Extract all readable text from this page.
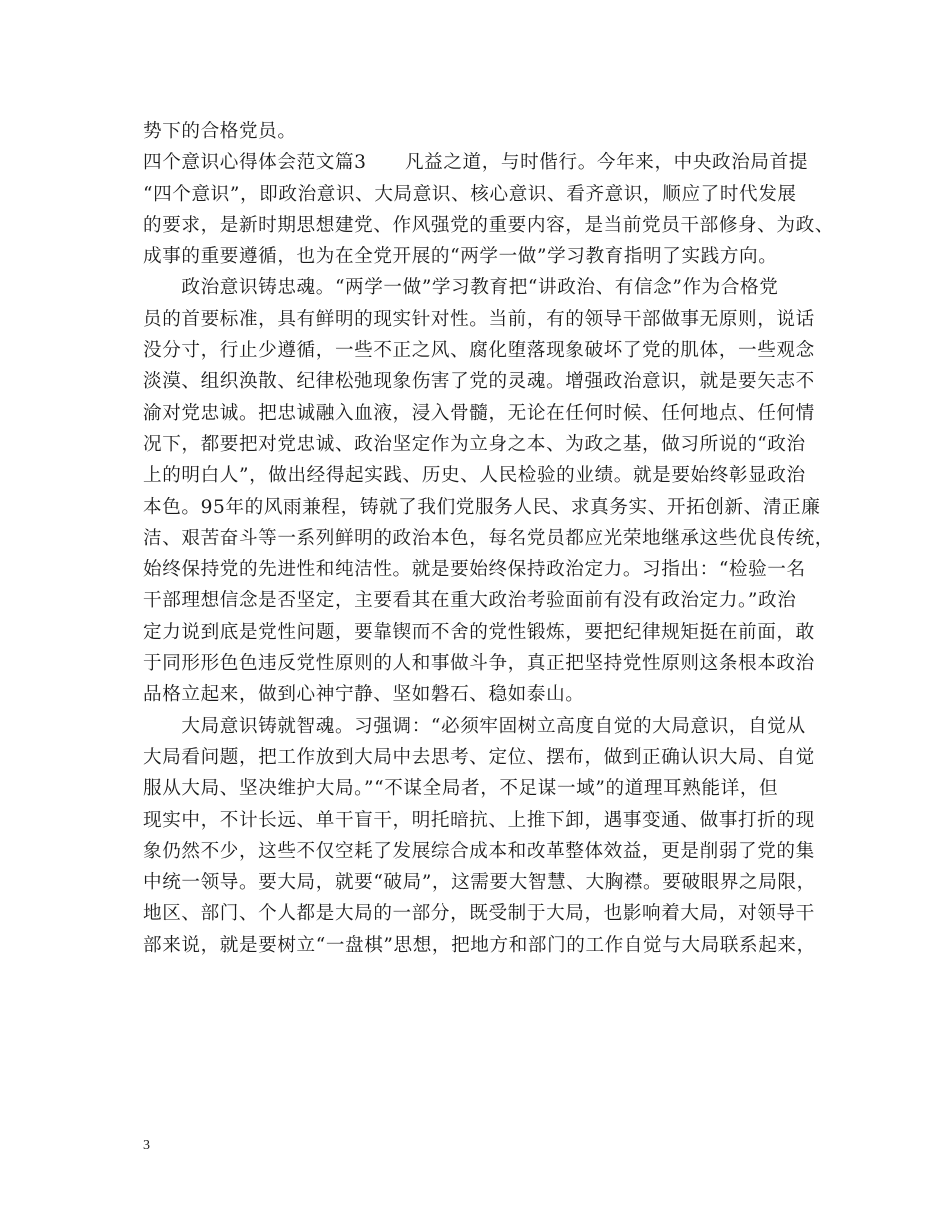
势下的合格党员。
四个意识心得体会范文篇3　　凡益之道，与时偕行。今年来，中央政治局首提
“四个意识”，即政治意识、大局意识、核心意识、看齐意识，顺应了时代发展
的要求，是新时期思想建党、作风强党的重要内容，是当前党员干部修身、为政、
成事的重要遵循，也为在全党开展的“两学一做”学习教育指明了实践方向。
　　政治意识铸忠魂。“两学一做”学习教育把“讲政治、有信念”作为合格党
员的首要标准，具有鲜明的现实针对性。当前，有的领导干部做事无原则，说话
没分寸，行止少遵循，一些不正之风、腐化堕落现象破坏了党的肌体，一些观念
淡漠、组织涣散、纪律松弛现象伤害了党的灵魂。增强政治意识，就是要矢志不
渝对党忠诚。把忠诚融入血液，浸入骨髓，无论在任何时候、任何地点、任何情
况下，都要把对党忠诚、政治坚定作为立身之本、为政之基，做习所说的“政治
上的明白人”，做出经得起实践、历史、人民检验的业绩。就是要始终彰显政治
本色。95年的风雨兼程，铸就了我们党服务人民、求真务实、开拓创新、清正廉
洁、艰苦奋斗等一系列鲜明的政治本色，每名党员都应光荣地继承这些优良传统，
始终保持党的先进性和纯洁性。就是要始终保持政治定力。习指出：“检验一名
干部理想信念是否坚定，主要看其在重大政治考验面前有没有政治定力。”政治
定力说到底是党性问题，要靠锲而不舍的党性锻炼，要把纪律规矩挺在前面，敢
于同形形色色违反党性原则的人和事做斗争，真正把坚持党性原则这条根本政治
品格立起来，做到心神宁静、坚如磐石、稳如泰山。
　　大局意识铸就智魂。习强调：“必须牢固树立高度自觉的大局意识，自觉从
大局看问题，把工作放到大局中去思考、定位、摆布，做到正确认识大局、自觉
服从大局、坚决维护大局。”“不谋全局者，不足谋一域”的道理耳熟能详，但
现实中，不计长远、单干盲干，明托暗抗、上推下卸，遇事变通、做事打折的现
象仍然不少，这些不仅空耗了发展综合成本和改革整体效益，更是削弱了党的集
中统一领导。要大局，就要“破局”，这需要大智慧、大胸襟。要破眼界之局限，
地区、部门、个人都是大局的一部分，既受制于大局，也影响着大局，对领导干
部来说，就是要树立“一盘棋”思想，把地方和部门的工作自觉与大局联系起来，
3
